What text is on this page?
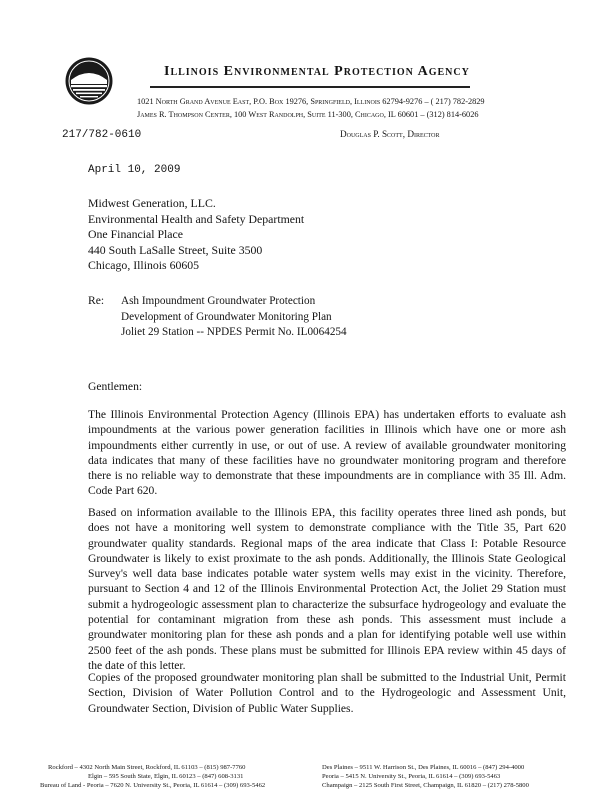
Illinois Environmental Protection Agency
1021 North Grand Avenue East, P.O. Box 19276, Springfield, Illinois 62794-9276 – ( 217) 782-2829
James R. Thompson Center, 100 West Randolph, Suite 11-300, Chicago, IL 60601 – (312) 814-6026
217/782-0610	Douglas P. Scott, Director
April 10, 2009
Midwest Generation, LLC.
Environmental Health and Safety Department
One Financial Place
440 South LaSalle Street, Suite 3500
Chicago, Illinois 60605
Re: Ash Impoundment Groundwater Protection
Development of Groundwater Monitoring Plan
Joliet 29 Station -- NPDES Permit No. IL0064254
Gentlemen:
The Illinois Environmental Protection Agency (Illinois EPA) has undertaken efforts to evaluate ash impoundments at the various power generation facilities in Illinois which have one or more ash impoundments either currently in use, or out of use. A review of available groundwater monitoring data indicates that many of these facilities have no groundwater monitoring program and therefore there is no reliable way to demonstrate that these impoundments are in compliance with 35 Ill. Adm. Code Part 620.
Based on information available to the Illinois EPA, this facility operates three lined ash ponds, but does not have a monitoring well system to demonstrate compliance with the Title 35, Part 620 groundwater quality standards. Regional maps of the area indicate that Class I: Potable Resource Groundwater is likely to exist proximate to the ash ponds. Additionally, the Illinois State Geological Survey's well data base indicates potable water system wells may exist in the vicinity. Therefore, pursuant to Section 4 and 12 of the Illinois Environmental Protection Act, the Joliet 29 Station must submit a hydrogeologic assessment plan to characterize the subsurface hydrogeology and evaluate the potential for contaminant migration from these ash ponds. This assessment must include a groundwater monitoring plan for these ash ponds and a plan for identifying potable well use within 2500 feet of the ash ponds. These plans must be submitted for Illinois EPA review within 45 days of the date of this letter.
Copies of the proposed groundwater monitoring plan shall be submitted to the Industrial Unit, Permit Section, Division of Water Pollution Control and to the Hydrogeologic and Assessment Unit, Groundwater Section, Division of Public Water Supplies.
Rockford – 4302 North Main Street, Rockford, IL 61103 – (815) 987-7760	Des Plaines – 9511 W. Harrison St., Des Plaines, IL 60016 – (847) 294-4000
Elgin – 595 South State, Elgin, IL 60123 – (847) 608-3131	Peoria – 5415 N. University St., Peoria, IL 61614 – (309) 693-5463
Bureau of Land - Peoria – 7620 N. University St., Peoria, IL 61614 – (309) 693-5462	Champaign – 2125 South First Street, Champaign, IL 61820 – (217) 278-5800
